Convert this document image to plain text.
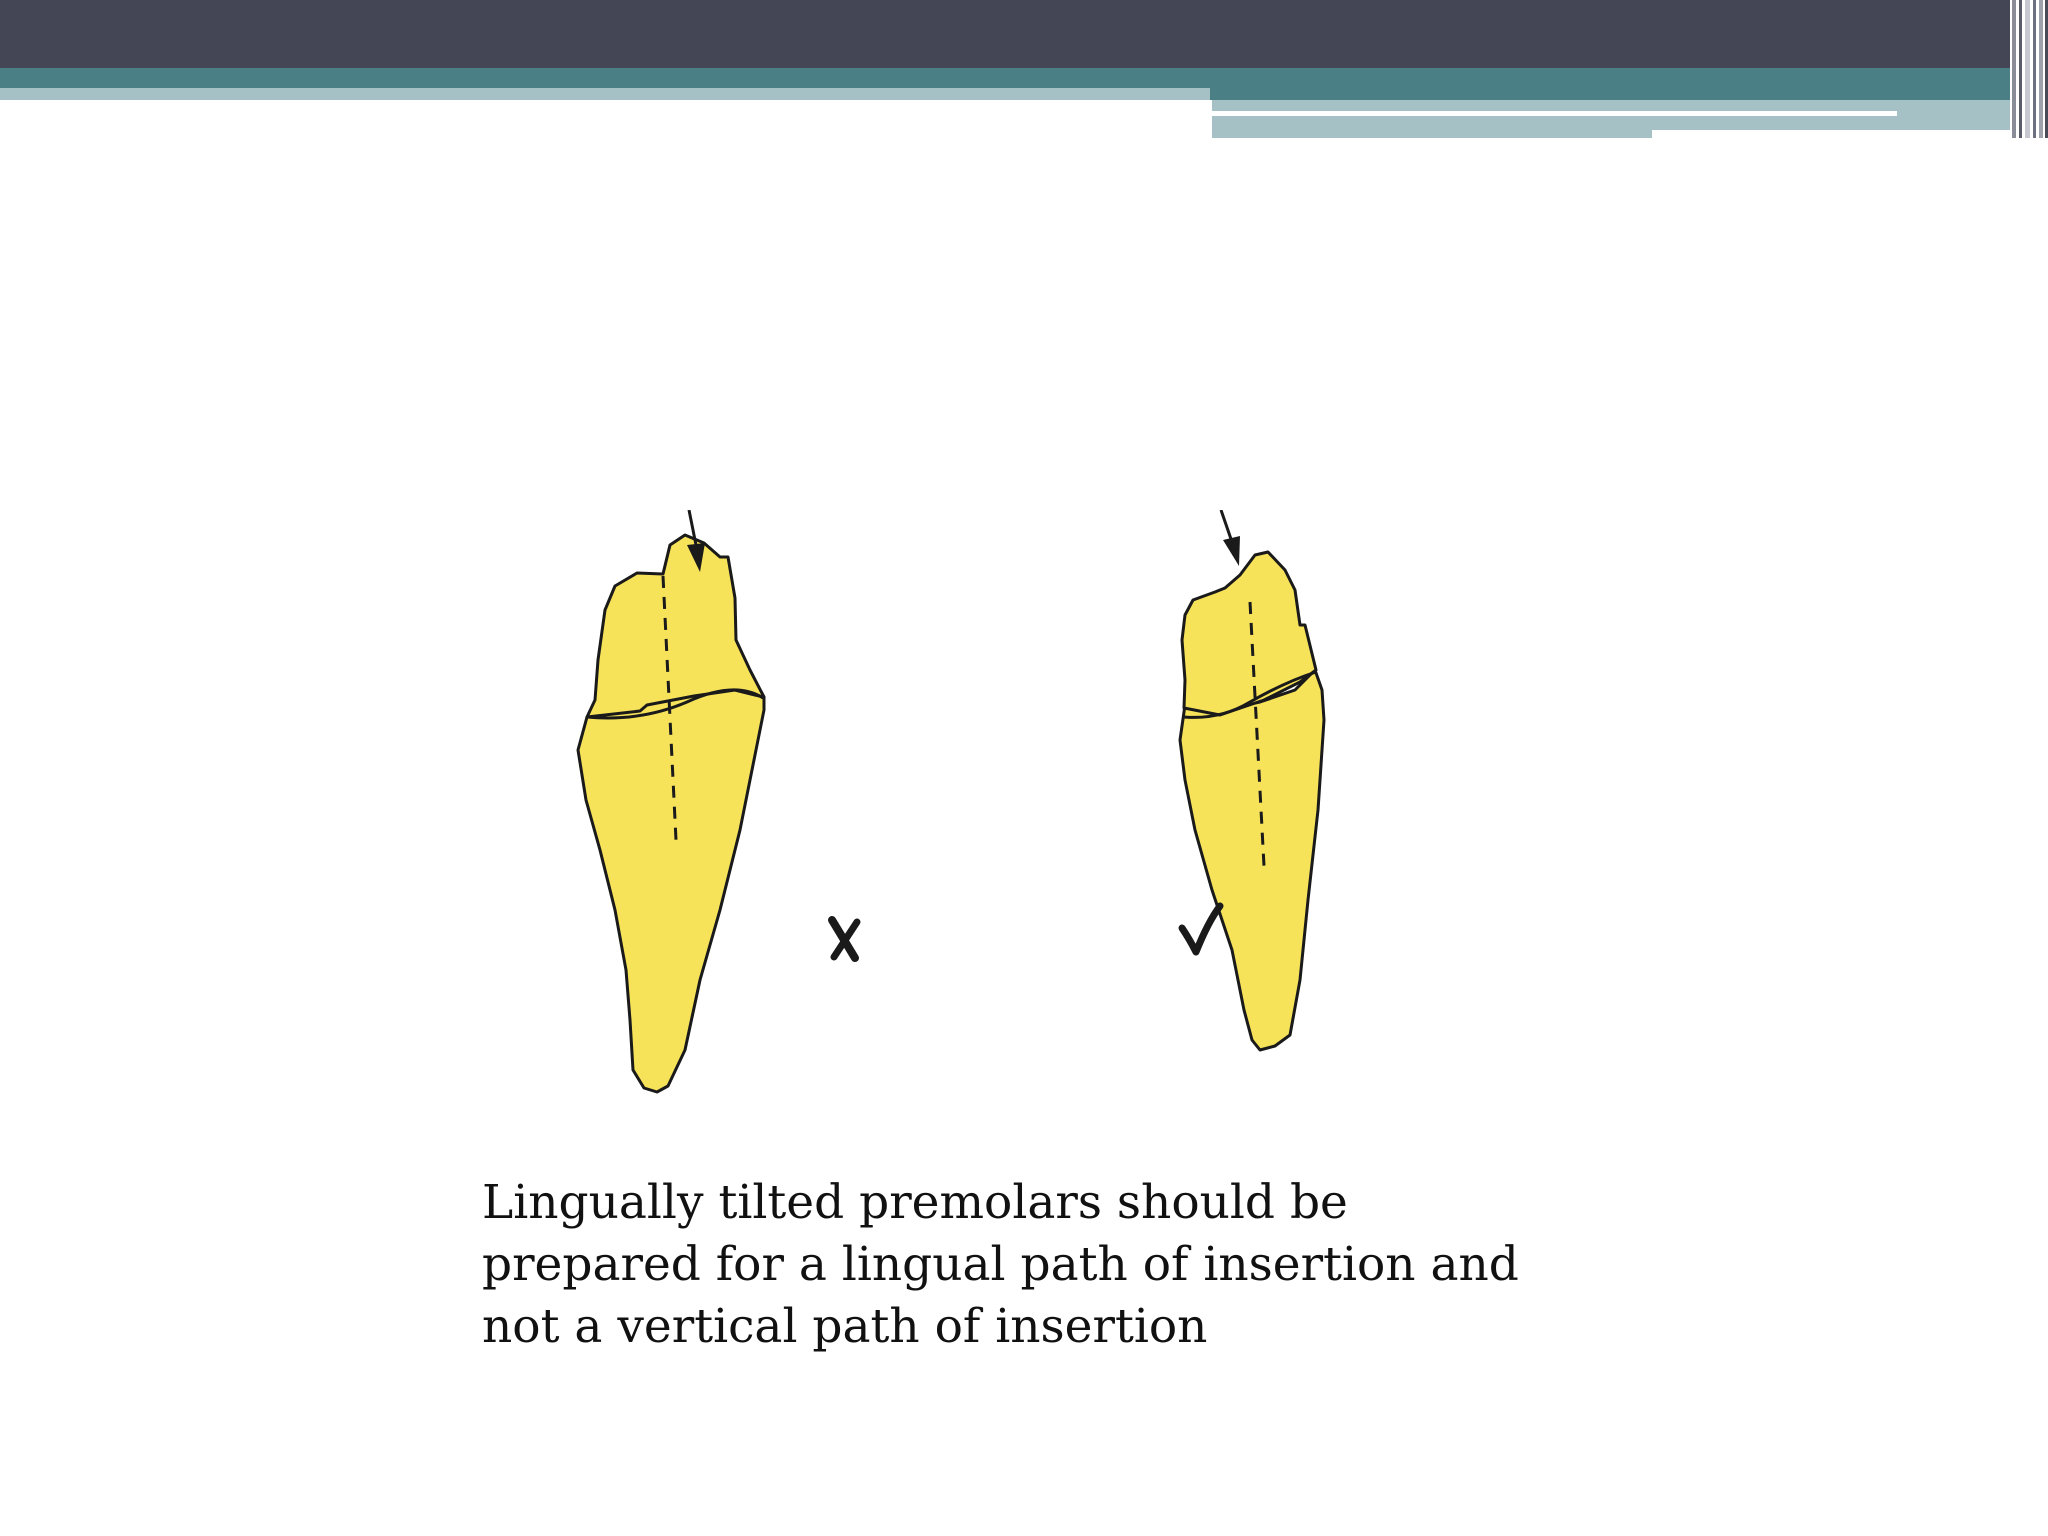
Lingually tilted premolars should be
prepared for a lingual path of insertion and
not a vertical path of insertion
